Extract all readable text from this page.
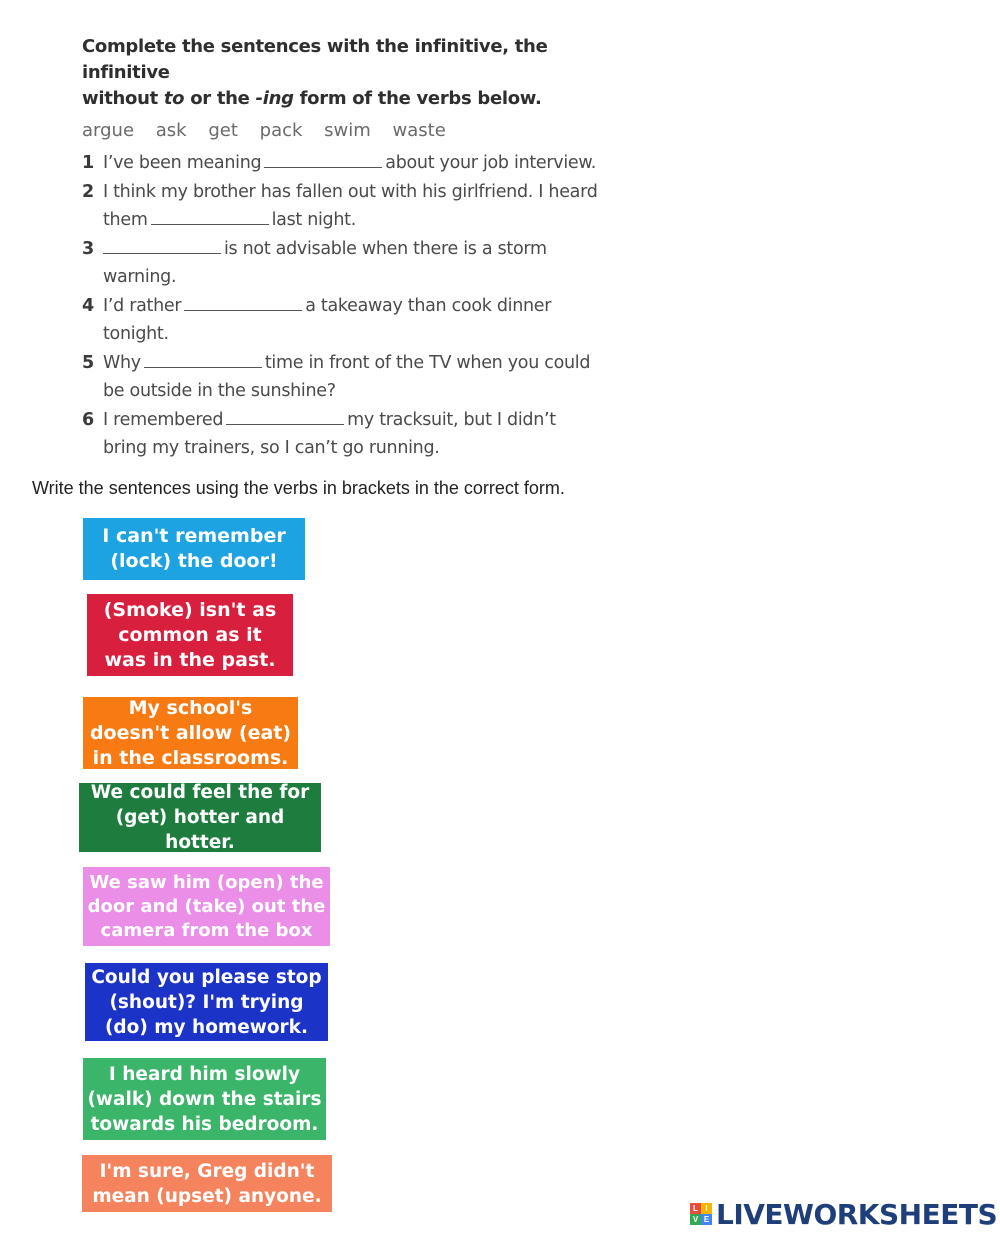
Complete the sentences with the infinitive, the infinitive
without to or the -ing form of the verbs below.
argue ask get pack swim waste
1 I’ve been meaning	about your job interview.
2 I think my brother has fallen out with his girlfriend. I heard
them	last night.
3	is not advisable when there is a storm
warning.
4 I’d rather	a takeaway than cook dinner
tonight.
5 Why	time in front of the TV when you could
be outside in the sunshine?
6 I remembered	my tracksuit, but I didn’t
bring my trainers, so I can’t go running.
Write the sentences using the verbs in brackets in the correct form.
I can't remember
(lock) the door!
(Smoke) isn't as
common as it
was in the past.
My school's
doesn't allow (eat)
in the classrooms.
We could feel the for
(get) hotter and hotter.
We saw him (open) the
door and (take) out the
camera from the box
Could you please stop
(shout)? I'm trying
(do) my homework.
I heard him slowly
(walk) down the stairs
towards his bedroom.
I'm sure, Greg didn't
mean (upset) anyone.
L I
V E LIVEWORKSHEETS
